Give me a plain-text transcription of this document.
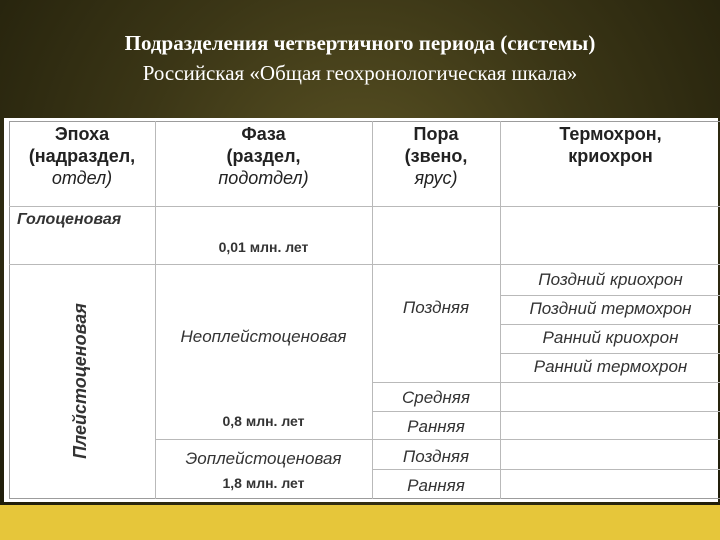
Подразделения четвертичного периода (системы)
Российская «Общая геохронологическая шкала»
Эпоха
(надраздел,
отдел)
Фаза
(раздел,
подотдел)
Пора
(звено,
ярус)
Термохрон,
криохрон
Голоценовая
0,01 млн. лет
Плейстоценовая	Неоплейстоценовая
0,8 млн. лет
Эоплейстоценовая
1,8 млн. лет
Поздняя
Средняя
Ранняя
Поздняя
Ранняя
Поздний криохрон
Поздний термохрон
Ранний криохрон
Ранний термохрон
